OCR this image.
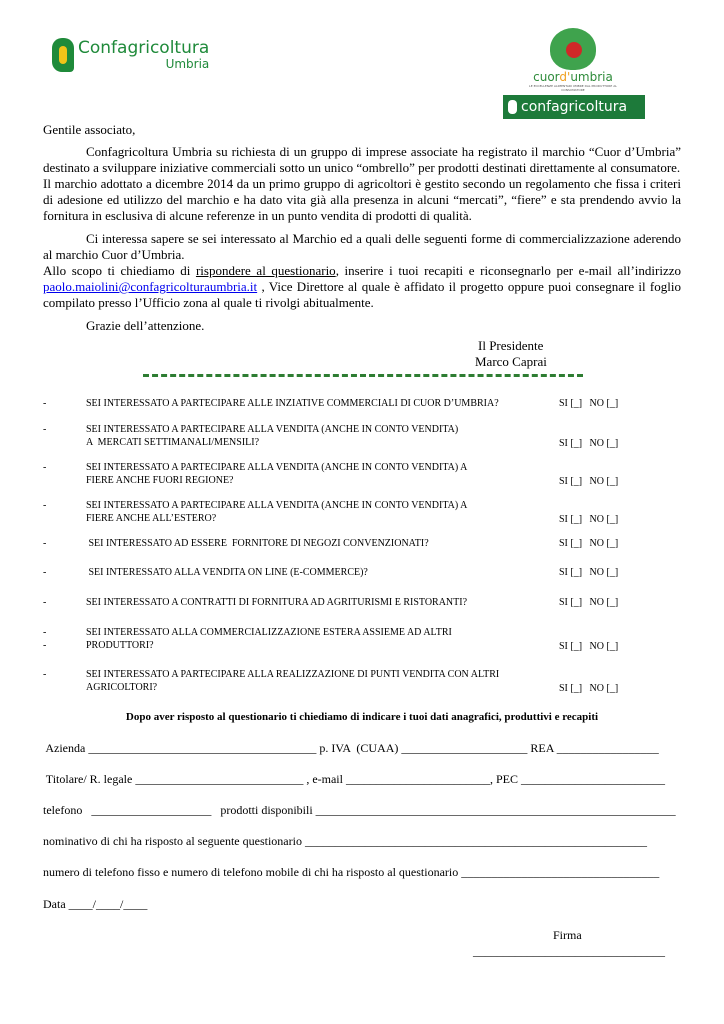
Confagricoltura
Umbria
cuord'umbria
LE ECCELLENZE ALIMENTARI UMBRE DAL PRODUTTORE AL CONSUMATORE
confagricoltura

Gentile associato,

Confagricoltura Umbria su richiesta di un gruppo di imprese associate ha registrato il marchio “Cuor d’Umbria” destinato a sviluppare iniziative commerciali sotto un unico “ombrello” per prodotti destinati direttamente al consumatore.

Il marchio adottato a dicembre 2014 da un primo gruppo di agricoltori è gestito secondo un regolamento che fissa i criteri di adesione ed utilizzo del marchio e ha dato vita già alla presenza in alcuni “mercati”, “fiere” e sta prendendo avvio la fornitura in esclusiva di alcune referenze in un punto vendita di prodotti di qualità.

Ci interessa sapere se sei interessato al Marchio ed a quali delle seguenti forme di commercializzazione aderendo al marchio Cuor d’Umbria.

Allo scopo ti chiediamo di rispondere al questionario, inserire i tuoi recapiti e riconsegnarlo per e-mail all’indirizzo paolo.maiolini@confagricolturaumbria.it , Vice Direttore al quale è affidato il progetto oppure puoi consegnare il foglio compilato presso l’Ufficio zona al quale ti rivolgi abitualmente.

Grazie dell’attenzione.

Il Presidente
Marco Caprai
-	SEI INTERESSATO A PARTECIPARE ALLE INZIATIVE COMMERCIALI DI CUOR D’UMBRIA?	SI [_]   NO [_]
-	SEI INTERESSATO A PARTECIPARE ALLA VENDITA (ANCHE IN CONTO VENDITA)
A  MERCATI SETTIMANALI/MENSILI?	SI [_]   NO [_]
-	SEI INTERESSATO A PARTECIPARE ALLA VENDITA (ANCHE IN CONTO VENDITA) A
FIERE ANCHE FUORI REGIONE?	SI [_]   NO [_]
-	SEI INTERESSATO A PARTECIPARE ALLA VENDITA (ANCHE IN CONTO VENDITA) A
FIERE ANCHE ALL’ESTERO?	SI [_]   NO [_]
-	SEI INTERESSATO AD ESSERE  FORNITORE DI NEGOZI CONVENZIONATI?	SI [_]   NO [_]
-	SEI INTERESSATO ALLA VENDITA ON LINE (E-COMMERCE)?	SI [_]   NO [_]
-	SEI INTERESSATO A CONTRATTI DI FORNITURA AD AGRITURISMI E RISTORANTI?	SI [_]   NO [_]
-
-
SEI INTERESSATO ALLA COMMERCIALIZZAZIONE ESTERA ASSIEME AD ALTRI
PRODUTTORI?	SI [_]   NO [_]
-	SEI INTERESSATO A PARTECIPARE ALLA REALIZZAZIONE DI PUNTI VENDITA CON ALTRI
AGRICOLTORI?	SI [_]   NO [_]
Dopo aver risposto al questionario ti chiediamo di indicare i tuoi dati anagrafici, produttivi e recapiti
Azienda ______________________________________ p. IVA  (CUAA) _____________________ REA _________________
Titolare/ R. legale ____________________________ , e-mail ________________________, PEC ________________________
telefono   ____________________   prodotti disponibili ____________________________________________________________
nominativo di chi ha risposto al seguente questionario _________________________________________________________
numero di telefono fisso e numero di telefono mobile di chi ha risposto al questionario _________________________________
Data ____/____/____
Firma
________________________________
